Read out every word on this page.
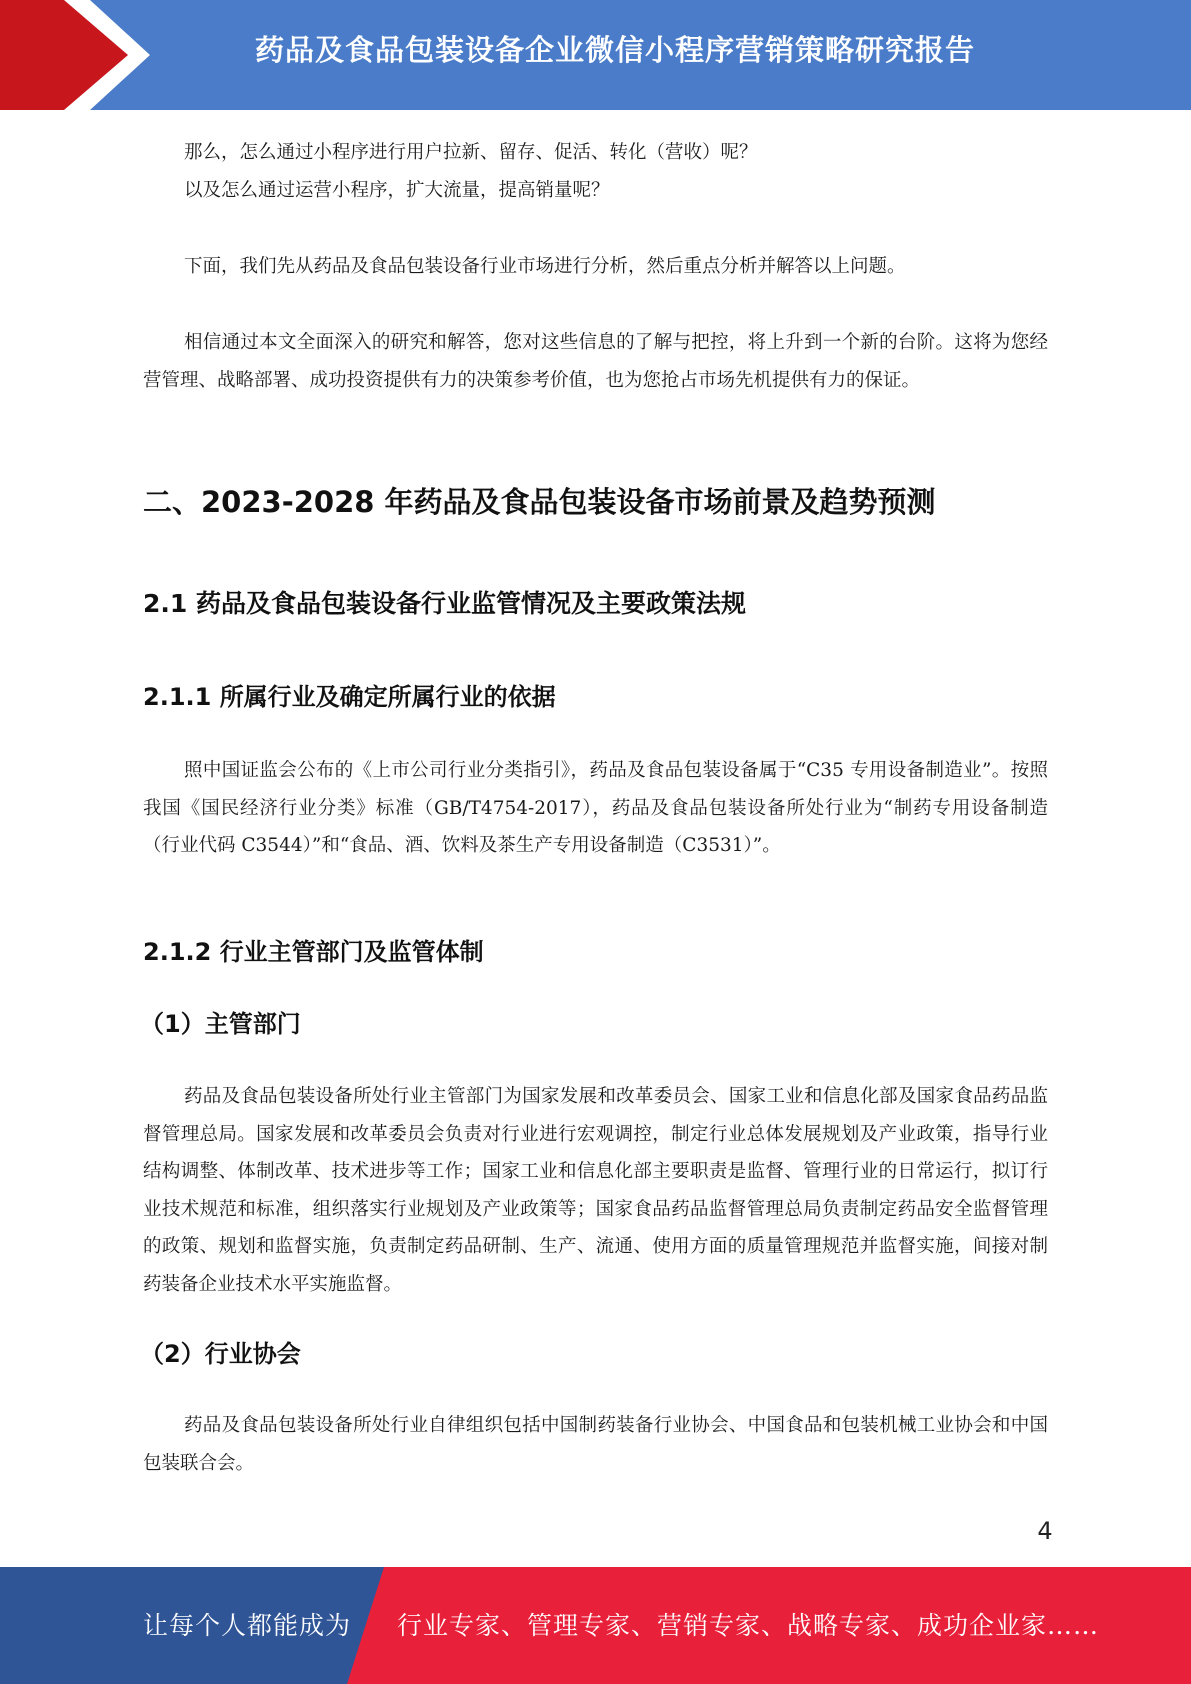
药品及食品包装设备企业微信小程序营销策略研究报告
那么，怎么通过小程序进行用户拉新、留存、促活、转化（营收）呢？
以及怎么通过运营小程序，扩大流量，提高销量呢？

下面，我们先从药品及食品包装设备行业市场进行分析，然后重点分析并解答以上问题。

相信通过本文全面深入的研究和解答，您对这些信息的了解与把控，将上升到一个新的台阶。这将为您经营管理、战略部署、成功投资提供有力的决策参考价值，也为您抢占市场先机提供有力的保证。

二、2023-2028 年药品及食品包装设备市场前景及趋势预测
2.1 药品及食品包装设备行业监管情况及主要政策法规
2.1.1 所属行业及确定所属行业的依据

照中国证监会公布的《上市公司行业分类指引》，药品及食品包装设备属于“C35 专用设备制造业”。按照我国《国民经济行业分类》标准（GB/T4754-2017），药品及食品包装设备所处行业为“制药专用设备制造（行业代码 C3544）”和“食品、酒、饮料及茶生产专用设备制造（C3531）”。

2.1.2 行业主管部门及监管体制
（1）主管部门

药品及食品包装设备所处行业主管部门为国家发展和改革委员会、国家工业和信息化部及国家食品药品监督管理总局。国家发展和改革委员会负责对行业进行宏观调控，制定行业总体发展规划及产业政策，指导行业结构调整、体制改革、技术进步等工作；国家工业和信息化部主要职责是监督、管理行业的日常运行，拟订行业技术规范和标准，组织落实行业规划及产业政策等；国家食品药品监督管理总局负责制定药品安全监督管理的政策、规划和监督实施，负责制定药品研制、生产、流通、使用方面的质量管理规范并监督实施，间接对制药装备企业技术水平实施监督。

（2）行业协会

药品及食品包装设备所处行业自律组织包括中国制药装备行业协会、中国食品和包装机械工业协会和中国包装联合会。

4
让每个人都能成为 行业专家、管理专家、营销专家、战略专家、成功企业家……
